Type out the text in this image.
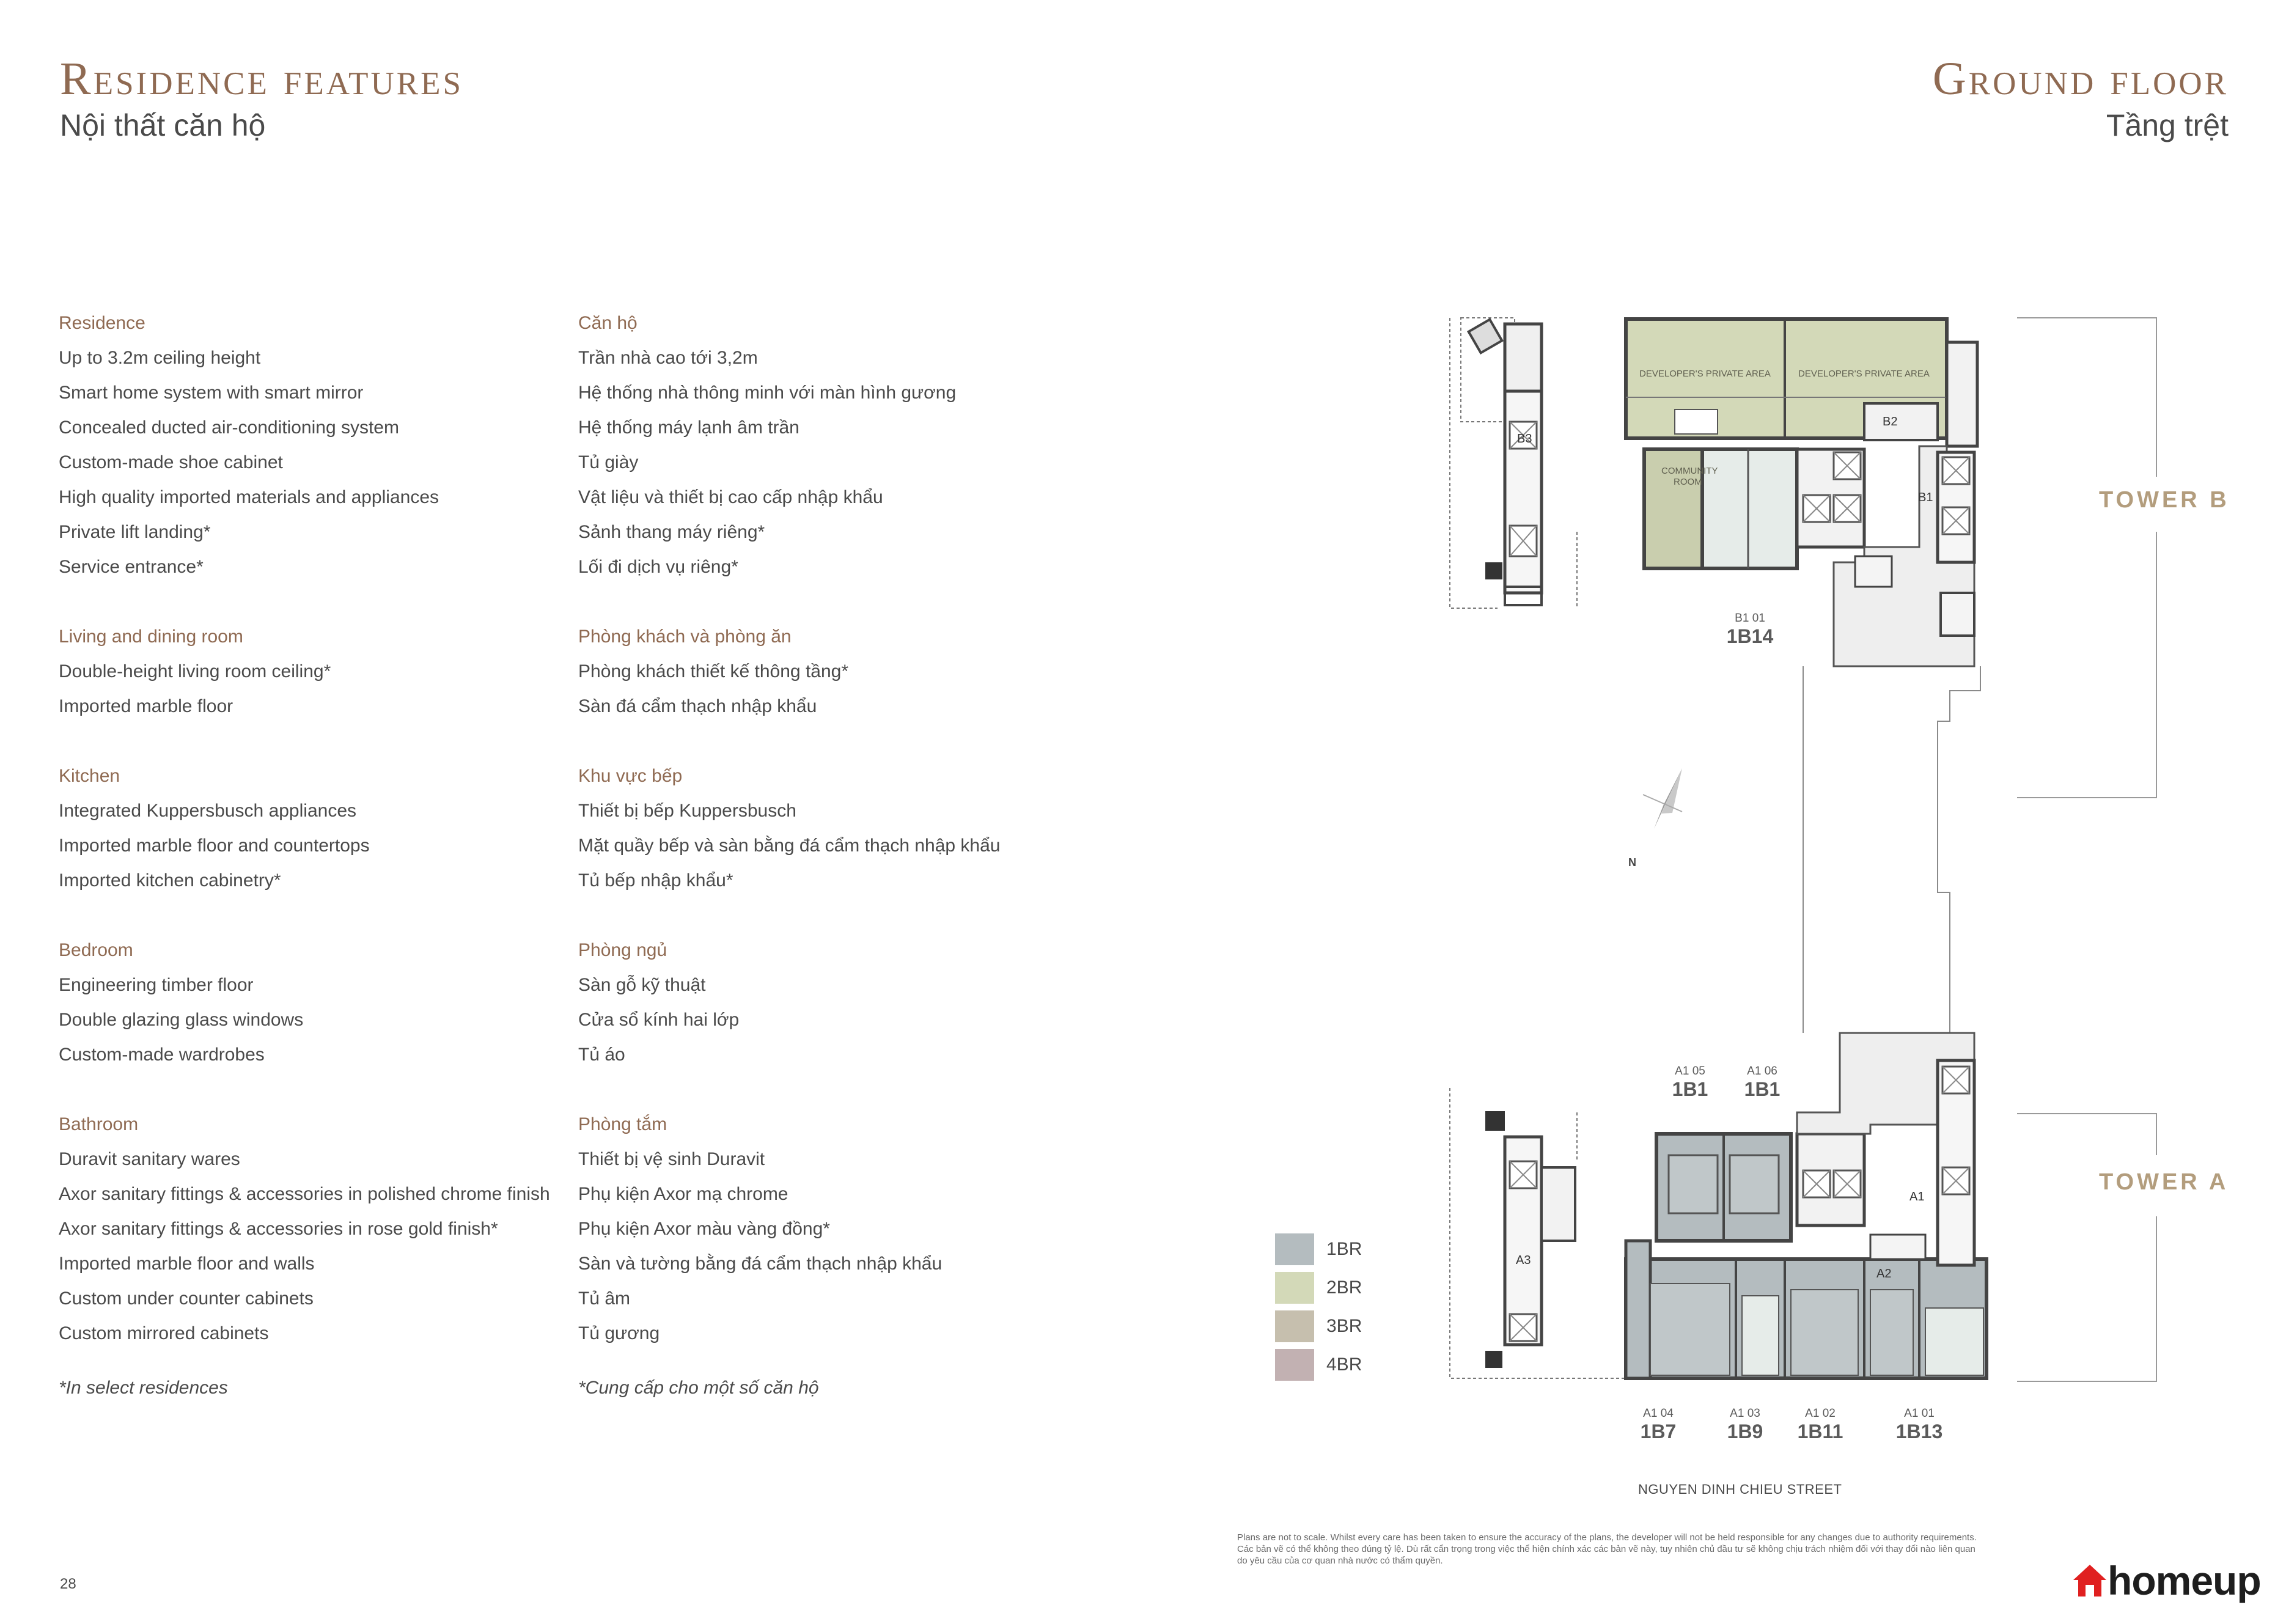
Residence features
Nội thất căn hộ
Ground floor
Tầng trệt
Residence
Up to 3.2m ceiling height
Smart home system with smart mirror
Concealed ducted air-conditioning system
Custom-made shoe cabinet
High quality imported materials and appliances
Private lift landing*
Service entrance*
Living and dining room
Double-height living room ceiling*
Imported marble floor
Kitchen
Integrated Kuppersbusch appliances
Imported marble floor and countertops
Imported kitchen cabinetry*
Bedroom
Engineering timber floor
Double glazing glass windows
Custom-made wardrobes
Bathroom
Duravit sanitary wares
Axor sanitary fittings & accessories in polished chrome finish
Axor sanitary fittings & accessories in rose gold finish*
Imported marble floor and walls
Custom under counter cabinets
Custom mirrored cabinets
Căn hộ
Trần nhà cao tới 3,2m
Hệ thống nhà thông minh với màn hình gương
Hệ thống máy lạnh âm trần
Tủ giày
Vật liệu và thiết bị cao cấp nhập khẩu
Sảnh thang máy riêng*
Lối đi dịch vụ riêng*
Phòng khách và phòng ăn
Phòng khách thiết kế thông tầng*
Sàn đá cẩm thạch nhập khẩu
Khu vực bếp
Thiết bị bếp Kuppersbusch
Mặt quầy bếp và sàn bằng đá cẩm thạch nhập khẩu
Tủ bếp nhập khẩu*
Phòng ngủ
Sàn gỗ kỹ thuật
Cửa sổ kính hai lớp
Tủ áo
Phòng tắm
Thiết bị vệ sinh Duravit
Phụ kiện Axor mạ chrome
Phụ kiện Axor màu vàng đồng*
Sàn và tường bằng đá cẩm thạch nhập khẩu
Tủ âm
Tủ gương
*In select residences	*Cung cấp cho một số căn hộ
28
B3
DEVELOPER'S PRIVATE AREA	DEVELOPER'S PRIVATE AREA
COMMUNITY
ROOM
B2
B1
B1 01
1B14
N
A3
A1
A2
A1 05
1B1
A1 06
1B1
A1 04
1B7
A1 03
1B9
A1 02
1B11
A1 01
1B13
TOWER B
TOWER A
1BR
2BR
3BR
4BR
NGUYEN DINH CHIEU STREET
Plans are not to scale. Whilst every care has been taken to ensure the accuracy of the plans, the developer will not be held responsible for any changes due to authority requirements.
Các bản vẽ có thể không theo đúng tỷ lệ. Dù rất cẩn trọng trong việc thể hiện chính xác các bản vẽ này, tuy nhiên chủ đầu tư sẽ không chịu trách nhiệm đối với thay đổi nào liên quan
do yêu cầu của cơ quan nhà nước có thẩm quyền.	homeup
